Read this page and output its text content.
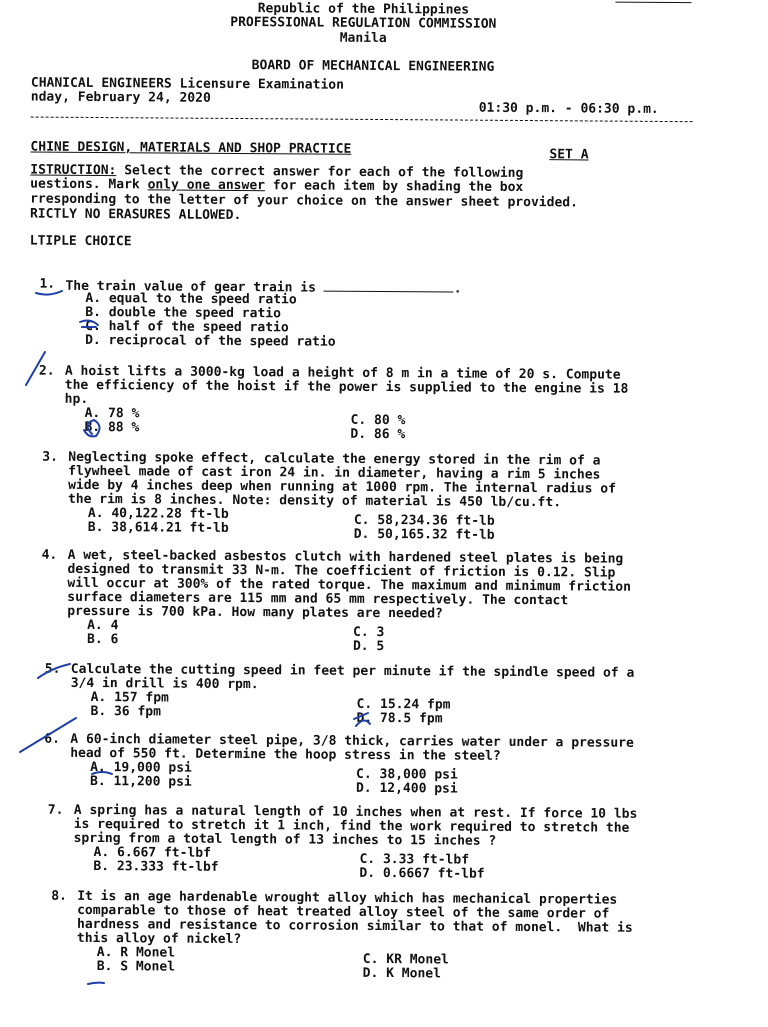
Republic of the Philippines
PROFESSIONAL REGULATION COMMISSION
Manila
BOARD OF MECHANICAL ENGINEERING
CHANICAL ENGINEERS Licensure Examination
nday, February 24, 2020
01:30 p.m. - 06:30 p.m.
CHINE DESIGN, MATERIALS AND SHOP PRACTICE	SET A
ISTRUCTION: Select the correct answer for each of the following
uestions. Mark only one answer for each item by shading the box
rresponding to the letter of your choice on the answer sheet provided.
RICTLY NO ERASURES ALLOWED.
LTIPLE CHOICE
1. The train value of gear train is	.
A. equal to the speed ratio
B. double the speed ratio
C. half of the speed ratio
D. reciprocal of the speed ratio
2. A hoist lifts a 3000-kg load a height of 8 m in a time of 20 s. Compute
the efficiency of the hoist if the power is supplied to the engine is 18
hp.
A. 78 %
B. 88 %	C. 80 %
D. 86 %
3. Neglecting spoke effect, calculate the energy stored in the rim of a
flywheel made of cast iron 24 in. in diameter, having a rim 5 inches
wide by 4 inches deep when running at 1000 rpm. The internal radius of
the rim is 8 inches. Note: density of material is 450 lb/cu.ft.
A. 40,122.28 ft-lb
B. 38,614.21 ft-lb	C. 58,234.36 ft-lb
D. 50,165.32 ft-lb
4. A wet, steel-backed asbestos clutch with hardened steel plates is being
designed to transmit 33 N-m. The coefficient of friction is 0.12. Slip
will occur at 300% of the rated torque. The maximum and minimum friction
surface diameters are 115 mm and 65 mm respectively. The contact
pressure is 700 kPa. How many plates are needed?
A. 4
B. 6	C. 3
D. 5
5. Calculate the cutting speed in feet per minute if the spindle speed of a
3/4 in drill is 400 rpm.
A. 157 fpm
B. 36 fpm	C. 15.24 fpm
D. 78.5 fpm
6. A 60-inch diameter steel pipe, 3/8 thick, carries water under a pressure
head of 550 ft. Determine the hoop stress in the steel?
A. 19,000 psi
B. 11,200 psi	C. 38,000 psi
D. 12,400 psi
7. A spring has a natural length of 10 inches when at rest. If force 10 lbs
is required to stretch it 1 inch, find the work required to stretch the
spring from a total length of 13 inches to 15 inches ?
A. 6.667 ft-lbf
B. 23.333 ft-lbf	C. 3.33 ft-lbf
D. 0.6667 ft-lbf
8. It is an age hardenable wrought alloy which has mechanical properties
comparable to those of heat treated alloy steel of the same order of
hardness and resistance to corrosion similar to that of monel.  What is
this alloy of nickel?
A. R Monel
B. S Monel	C. KR Monel
D. K Monel
